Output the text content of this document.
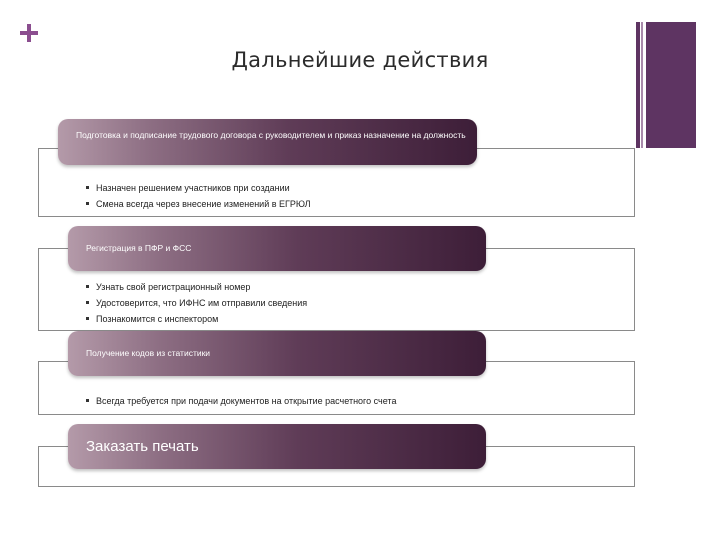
Дальнейшие действия
Подготовка и подписание трудового договора с руководителем и приказ назначение на должность
Назначен решением участников при создании
Смена всегда через внесение изменений в ЕГРЮЛ
Регистрация в ПФР и ФСС
Узнать свой регистрационный номер
Удостоверится, что ИФНС им отправили сведения
Познакомится с инспектором
Получение кодов из статистики
Всегда требуется при подачи документов на открытие расчетного счета
Заказать печать
